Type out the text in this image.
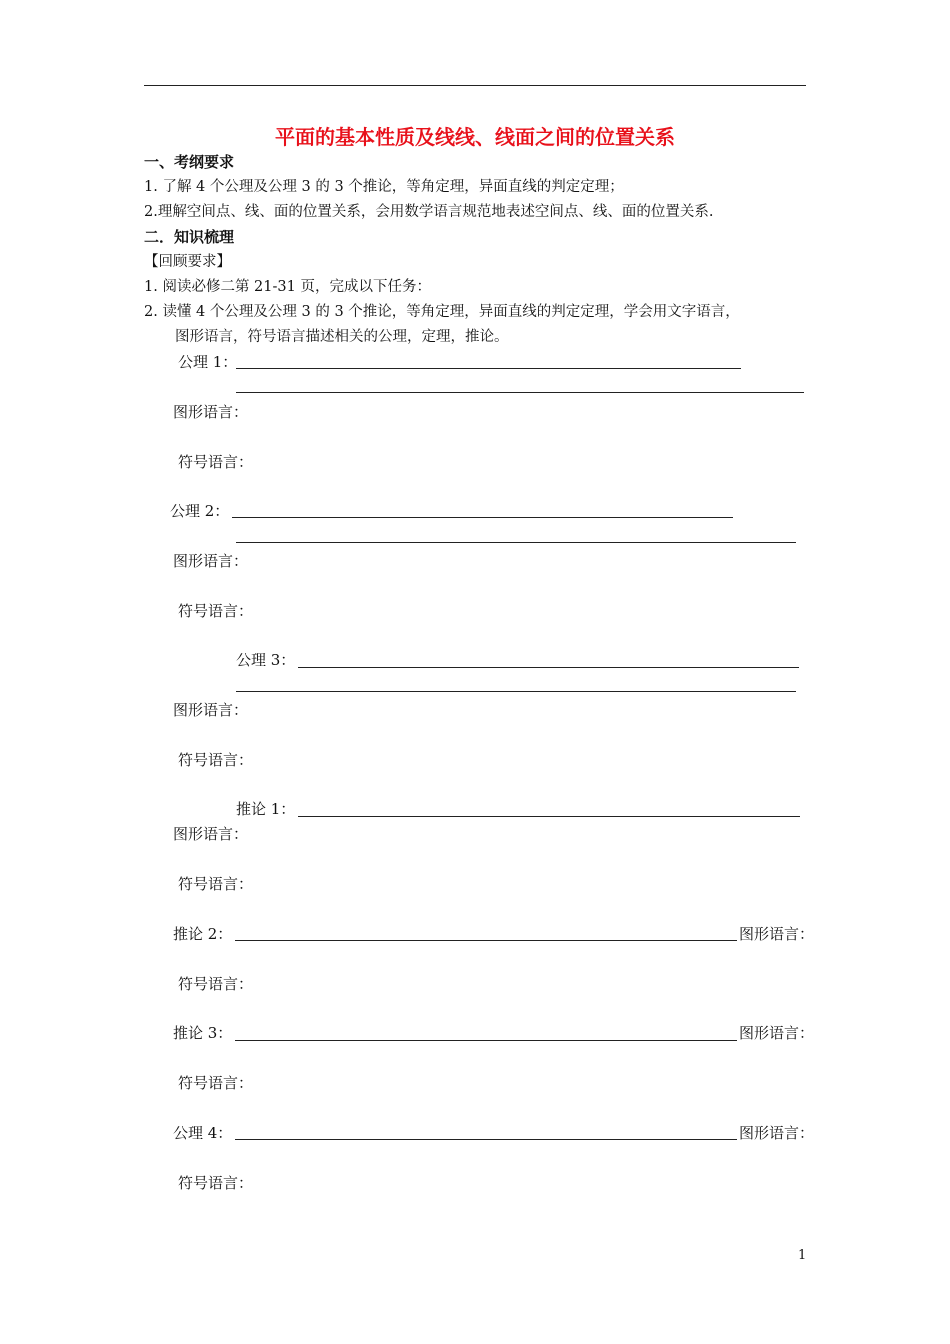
平面的基本性质及线线、线面之间的位置关系
一、考纲要求
1. 了解 4 个公理及公理 3 的 3 个推论，等角定理，异面直线的判定定理；
2.理解空间点、线、面的位置关系，会用数学语言规范地表述空间点、线、面的位置关系.
二．知识梳理
【回顾要求】
1. 阅读必修二第 21-31 页，完成以下任务：
2. 读懂 4 个公理及公理 3 的 3 个推论，等角定理，异面直线的判定定理，学会用文字语言，
图形语言，符号语言描述相关的公理，定理，推论。
公理 1：
图形语言：
符号语言：
公理 2：
图形语言：
符号语言：
公理 3：
图形语言：
符号语言：
推论 1：
图形语言：
符号语言：
推论 2：	图形语言：
符号语言：
推论 3：	图形语言：
符号语言：
公理 4：	图形语言：
符号语言：
1
